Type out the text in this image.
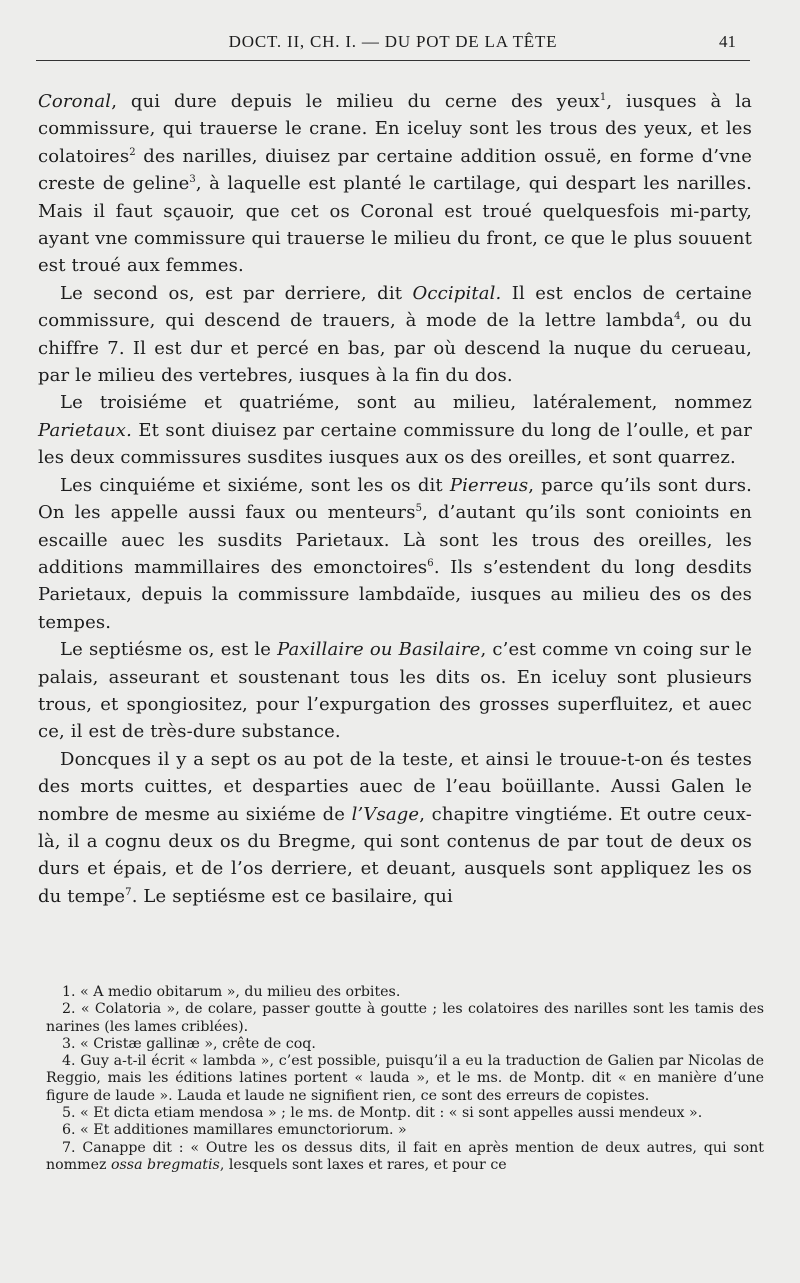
DOCT. II, CH. I. — DU POT DE LA TÊTE	41

Coronal, qui dure depuis le milieu du cerne des yeux$^1$, iusques à la commissure, qui trauerse le crane. En iceluy sont les trous des yeux, et les colatoires$^2$ des narilles, diuisez par certaine addition ossuë, en forme d’vne creste de geline$^3$, à laquelle est planté le cartilage, qui despart les narilles. Mais il faut sçauoir, que cet os Coronal est troué quelquesfois mi-party, ayant vne commissure qui trauerse le milieu du front, ce que le plus souuent est troué aux femmes.

Le second os, est par derriere, dit Occipital. Il est enclos de certaine commissure, qui descend de trauers, à mode de la lettre lambda$^4$, ou du chiffre 7. Il est dur et percé en bas, par où descend la nuque du cerueau, par le milieu des vertebres, iusques à la fin du dos.

Le troisiéme et quatriéme, sont au milieu, latéralement, nommez Parietaux. Et sont diuisez par certaine commissure du long de l’oulle, et par les deux commissures susdites iusques aux os des oreilles, et sont quarrez.

Les cinquiéme et sixiéme, sont les os dit Pierreus, parce qu’ils sont durs. On les appelle aussi faux ou menteurs$^5$, d’autant qu’ils sont conioints en escaille auec les susdits Parietaux. Là sont les trous des oreilles, les additions mammillaires des emonctoires$^6$. Ils s’estendent du long desdits Parietaux, depuis la commissure lambdaïde, iusques au milieu des os des tempes.

Le septiésme os, est le Paxillaire ou Basilaire, c’est comme vn coing sur le palais, asseurant et soustenant tous les dits os. En iceluy sont plusieurs trous, et spongiositez, pour l’expurgation des grosses superfluitez, et auec ce, il est de très-dure substance.

Doncques il y a sept os au pot de la teste, et ainsi le trouue-t-on és testes des morts cuittes, et desparties auec de l’eau boüillante. Aussi Galen le nombre de mesme au sixiéme de l’Vsage, chapitre vingtiéme. Et outre ceux-là, il a cognu deux os du Bregme, qui sont contenus de par tout de deux os durs et épais, et de l’os derriere, et deuant, ausquels sont appliquez les os du tempe$^7$. Le septiésme est ce basilaire, qui

1. « A medio obitarum », du milieu des orbites.

2. « Colatoria », de colare, passer goutte à goutte ; les colatoires des narilles sont les tamis des narines (les lames criblées).

3. « Cristæ gallinæ », crête de coq.

4. Guy a-t-il écrit « lambda », c’est possible, puisqu’il a eu la traduction de Galien par Nicolas de Reggio, mais les éditions latines portent « lauda », et le ms. de Montp. dit « en manière d’une figure de laude ». Lauda et laude ne signifient rien, ce sont des erreurs de copistes.

5. « Et dicta etiam mendosa » ; le ms. de Montp. dit : « si sont appelles aussi mendeux ».

6. « Et additiones mamillares emunctoriorum. »

7. Canappe dit : « Outre les os dessus dits, il fait en après mention de deux autres, qui sont nommez ossa bregmatis, lesquels sont laxes et rares, et pour ce
